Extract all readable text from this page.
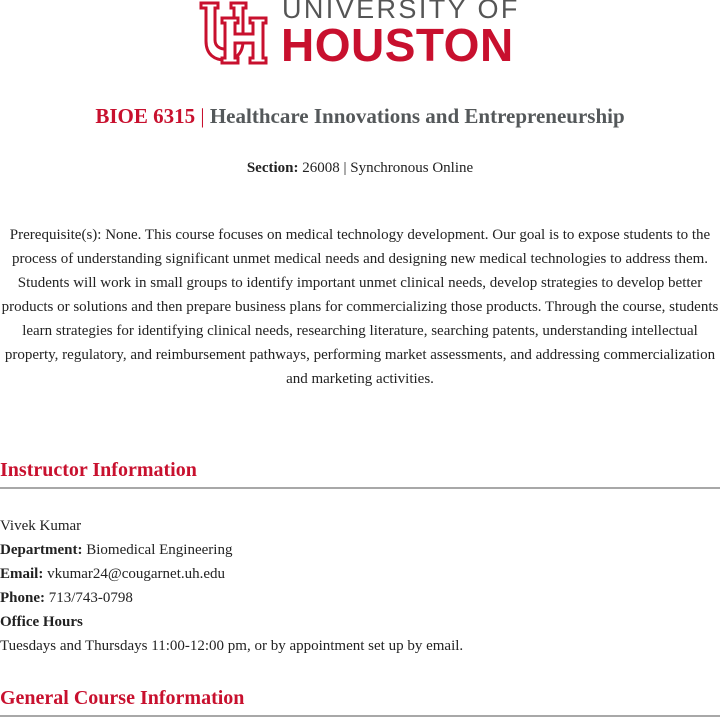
UNIVERSITY OF
HOUSTON
BIOE 6315 | Healthcare Innovations and Entrepreneurship
Section: 26008 | Synchronous Online
Prerequisite(s): None. This course focuses on medical technology development. Our goal is to expose students to the process of understanding significant unmet medical needs and designing new medical technologies to address them. Students will work in small groups to identify important unmet clinical needs, develop strategies to develop better products or solutions and then prepare business plans for commercializing those products. Through the course, students learn strategies for identifying clinical needs, researching literature, searching patents, understanding intellectual property, regulatory, and reimbursement pathways, performing market assessments, and addressing commercialization and marketing activities.
Instructor Information
Vivek Kumar
Department: Biomedical Engineering
Email: vkumar24@cougarnet.uh.edu
Phone: 713/743-0798
Office Hours
Tuesdays and Thursdays 11:00-12:00 pm, or by appointment set up by email.
General Course Information
